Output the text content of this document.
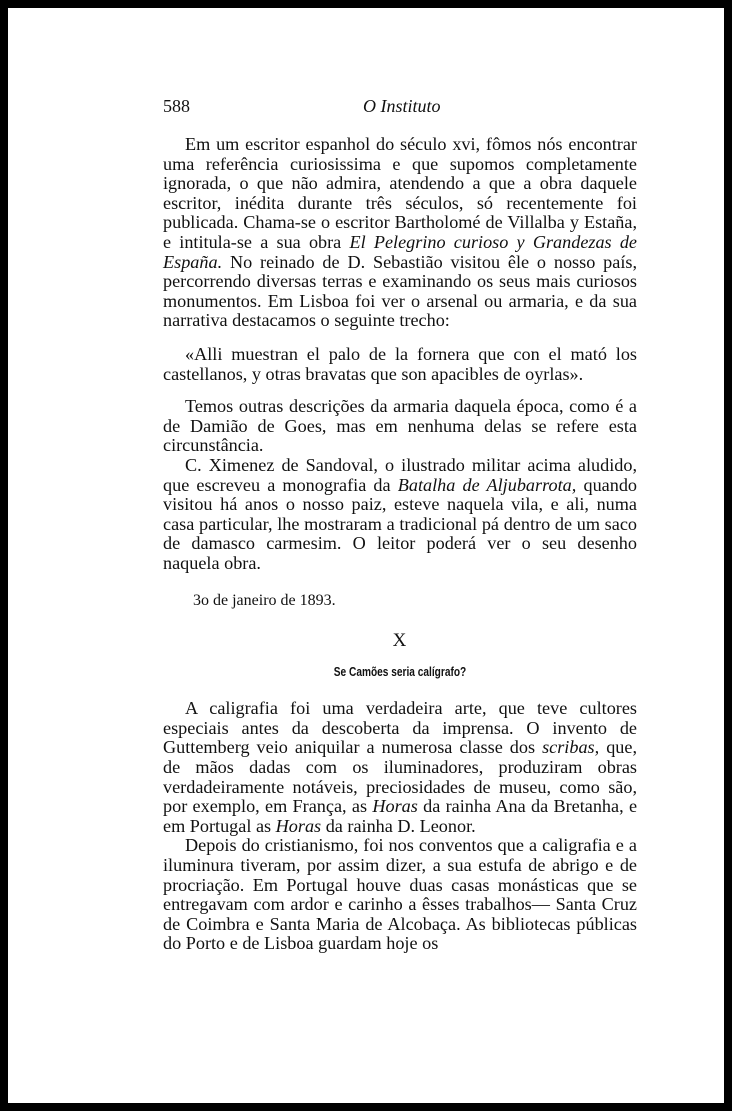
588	O Instituto

Em um escritor espanhol do século xvi, fômos nós encontrar uma referência curiosissima e que supomos completamente ignorada, o que não admira, atendendo a que a obra daquele escritor, inédita durante três séculos, só recentemente foi publicada. Chama-se o escritor Bartholomé de Villalba y Estaña, e intitula-se a sua obra El Pelegrino curioso y Grandezas de España. No reinado de D. Sebastião visitou êle o nosso país, percorrendo diversas terras e examinando os seus mais curiosos monumentos. Em Lisboa foi ver o arsenal ou armaria, e da sua narrativa destacamos o seguinte trecho:

«Alli muestran el palo de la fornera que con el mató los castellanos, y otras bravatas que son apacibles de oyrlas».

Temos outras descrições da armaria daquela época, como é a de Damião de Goes, mas em nenhuma delas se refere esta circunstância.

C. Ximenez de Sandoval, o ilustrado militar acima aludido, que escreveu a monografia da Batalha de Aljubarrota, quando visitou há anos o nosso paiz, esteve naquela vila, e ali, numa casa particular, lhe mostraram a tradicional pá dentro de um saco de damasco carmesim. O leitor poderá ver o seu desenho naquela obra.

3o de janeiro de 1893.
X
Se Camões seria calígrafo?

A caligrafia foi uma verdadeira arte, que teve cultores especiais antes da descoberta da imprensa. O invento de Guttemberg veio aniquilar a numerosa classe dos scribas, que, de mãos dadas com os iluminadores, produziram obras verdadeiramente notáveis, preciosidades de museu, como são, por exemplo, em França, as Horas da rainha Ana da Bretanha, e em Portugal as Horas da rainha D. Leonor.

Depois do cristianismo, foi nos conventos que a caligrafia e a iluminura tiveram, por assim dizer, a sua estufa de abrigo e de procriação. Em Portugal houve duas casas monásticas que se entregavam com ardor e carinho a êsses trabalhos— Santa Cruz de Coimbra e Santa Maria de Alcobaça. As bibliotecas públicas do Porto e de Lisboa guardam hoje os
